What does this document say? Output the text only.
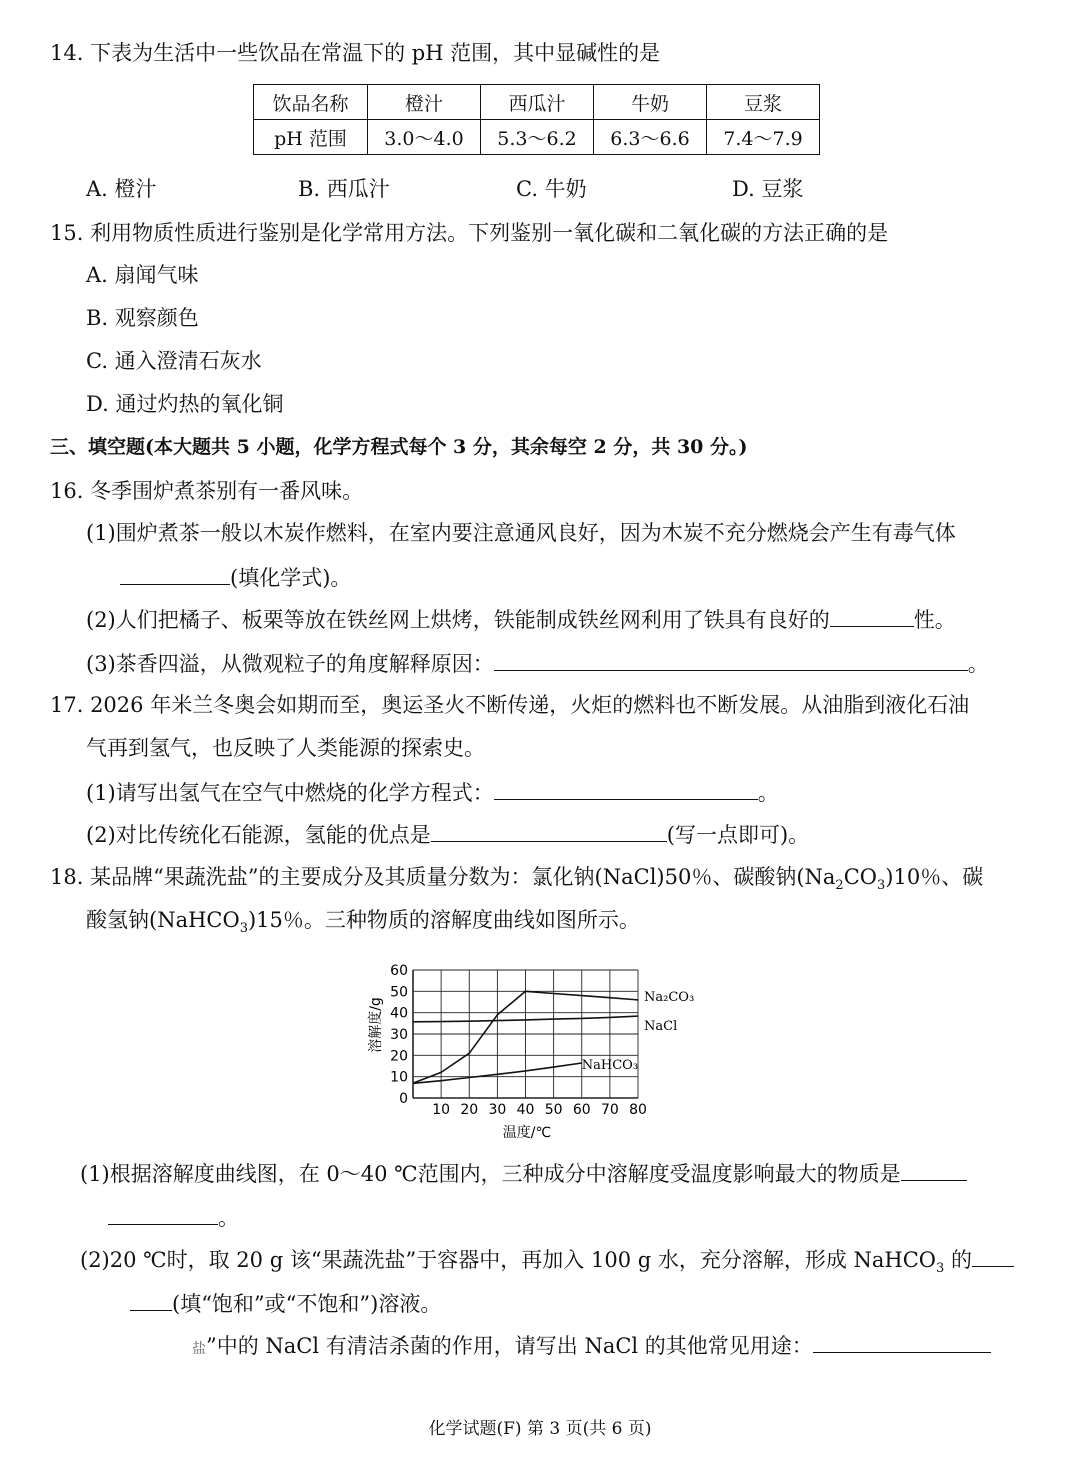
14. 下表为生活中一些饮品在常温下的 pH 范围，其中显碱性的是
饮品名称	橙汁	西瓜汁	牛奶	豆浆
pH 范围	3.0～4.0	5.3～6.2	6.3～6.6	7.4～7.9
A. 橙汁	B. 西瓜汁	C. 牛奶	D. 豆浆
15. 利用物质性质进行鉴别是化学常用方法。下列鉴别一氧化碳和二氧化碳的方法正确的是
A. 扇闻气味
B. 观察颜色
C. 通入澄清石灰水
D. 通过灼热的氧化铜
三、填空题(本大题共 5 小题，化学方程式每个 3 分，其余每空 2 分，共 30 分。)
16. 冬季围炉煮茶别有一番风味。
(1)围炉煮茶一般以木炭作燃料，在室内要注意通风良好，因为木炭不充分燃烧会产生有毒气体
(填化学式)。
(2)人们把橘子、板栗等放在铁丝网上烘烤，铁能制成铁丝网利用了铁具有良好的	性。
(3)茶香四溢，从微观粒子的角度解释原因：	。
17. 2026 年米兰冬奥会如期而至，奥运圣火不断传递，火炬的燃料也不断发展。从油脂到液化石油
气再到氢气，也反映了人类能源的探索史。
(1)请写出氢气在空气中燃烧的化学方程式：	。
(2)对比传统化石能源，氢能的优点是	(写一点即可)。
18. 某品牌“果蔬洗盐”的主要成分及其质量分数为：氯化钠(NaCl)50％、碳酸钠$(Na_2CO_3)10$％、碳
酸氢钠(NaHCO$_3$)15％。三种物质的溶解度曲线如图所示。
0
10
20
30
40
50
60
10 20 30 40 50 60 70 80
Na₂CO₃
NaCl
NaHCO₃
溶解度/g
温度/℃
(1)根据溶解度曲线图，在 0～40 ℃范围内，三种成分中溶解度受温度影响最大的物质是
。
(2)20 ℃时，取 20 g 该“果蔬洗盐”于容器中，再加入 100 g 水，充分溶解，形成 NaHCO$_3$ 的
(填“饱和”或“不饱和”)溶液。
盐”中的 NaCl 有清洁杀菌的作用，请写出 NaCl 的其他常见用途：
化学试题(F) 第 3 页(共 6 页)
